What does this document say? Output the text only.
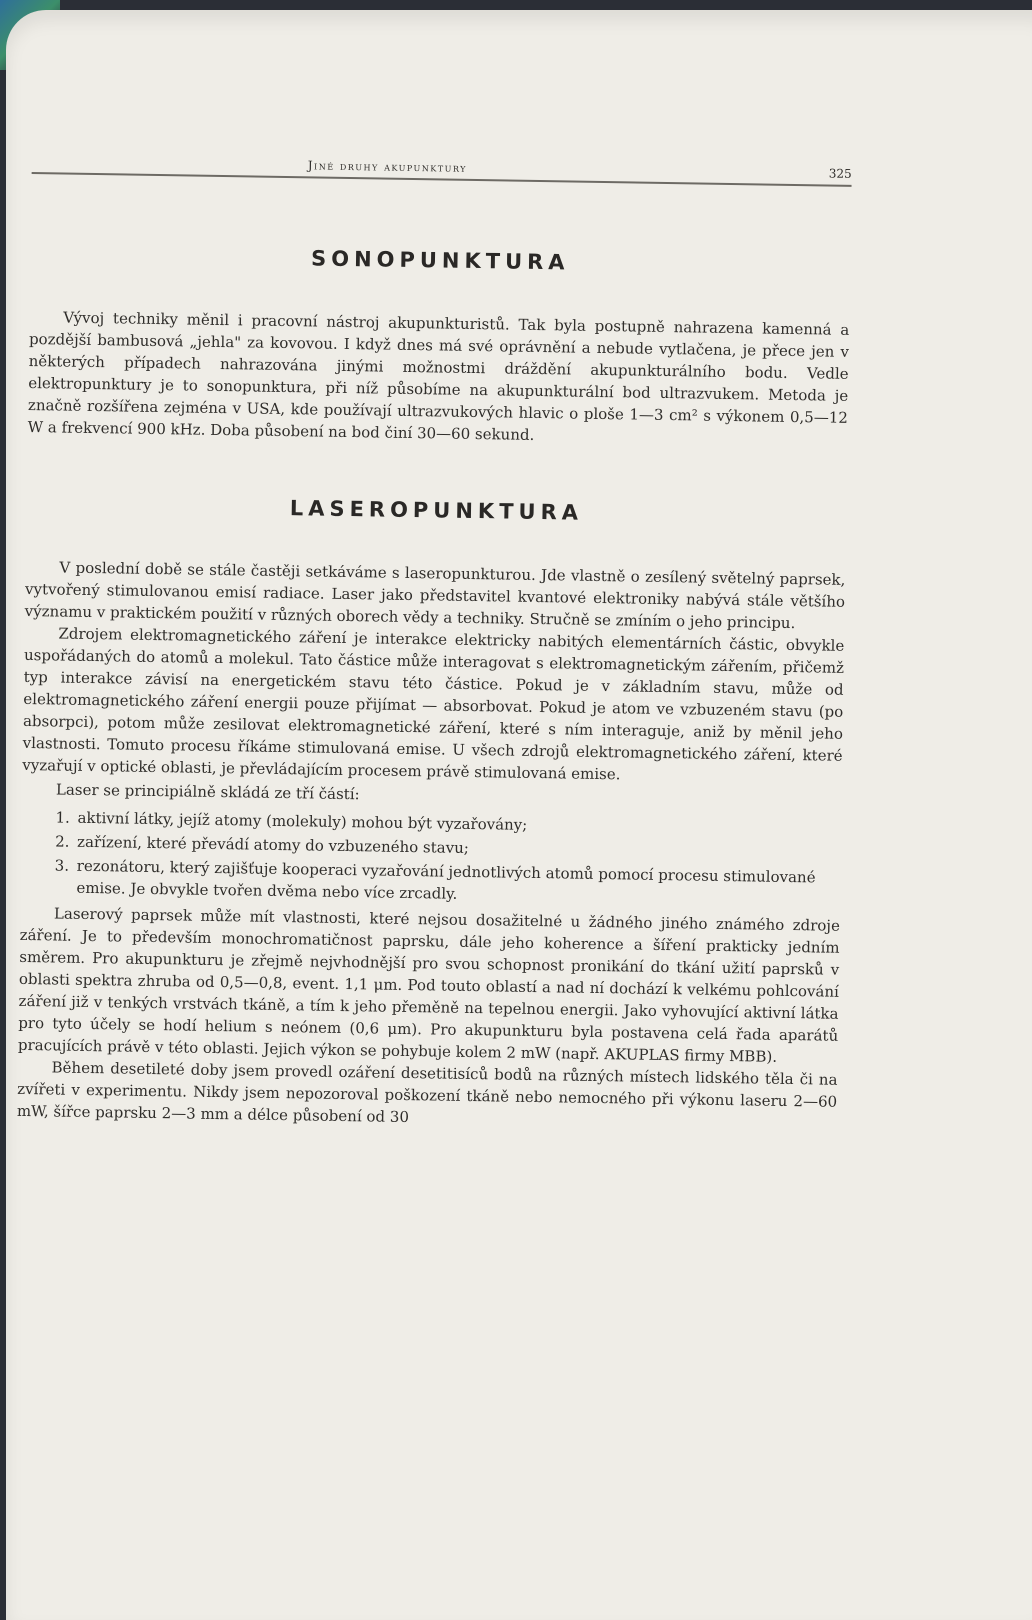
Jiné druhy akupunktury	325
SONOPUNKTURA

Vývoj techniky měnil i pracovní nástroj akupunkturistů. Tak byla postupně nahrazena kamenná a pozdější bambusová „jehla" za kovovou. I když dnes má své oprávnění a nebude vytlačena, je přece jen v některých případech nahrazována jinými možnostmi dráždění akupunkturálního bodu. Vedle elektropunktury je to sonopunktura, při níž působíme na akupunkturální bod ultrazvukem. Metoda je značně rozšířena zejména v USA, kde používají ultrazvukových hlavic o ploše 1—3 cm² s výkonem 0,5—12 W a frekvencí 900 kHz. Doba působení na bod činí 30—60 sekund.

LASEROPUNKTURA

V poslední době se stále častěji setkáváme s laseropunkturou. Jde vlastně o zesílený světelný paprsek, vytvořený stimulovanou emisí radiace. Laser jako představitel kvantové elektroniky nabývá stále většího významu v praktickém použití v různých oborech vědy a techniky. Stručně se zmíním o jeho principu.

Zdrojem elektromagnetického záření je interakce elektricky nabitých elementárních částic, obvykle uspořádaných do atomů a molekul. Tato částice může interagovat s elektromagnetickým zářením, přičemž typ interakce závisí na energetickém stavu této částice. Pokud je v základním stavu, může od elektromagnetického záření energii pouze přijímat — absorbovat. Pokud je atom ve vzbuzeném stavu (po absorpci), potom může zesilovat elektromagnetické záření, které s ním interaguje, aniž by měnil jeho vlastnosti. Tomuto procesu říkáme stimulovaná emise. U všech zdrojů elektromagnetického záření, které vyzařují v optické oblasti, je převládajícím procesem právě stimulovaná emise.

Laser se principiálně skládá ze tří částí:

1. aktivní látky, jejíž atomy (molekuly) mohou být vyzařovány;
2. zařízení, které převádí atomy do vzbuzeného stavu;
3. rezonátoru, který zajišťuje kooperaci vyzařování jednotlivých atomů pomocí procesu stimulované emise. Je obvykle tvořen dvěma nebo více zrcadly.

Laserový paprsek může mít vlastnosti, které nejsou dosažitelné u žádného jiného známého zdroje záření. Je to především monochromatičnost paprsku, dále jeho koherence a šíření prakticky jedním směrem. Pro akupunkturu je zřejmě nejvhodnější pro svou schopnost pronikání do tkání užití paprsků v oblasti spektra zhruba od 0,5—0,8, event. 1,1 μm. Pod touto oblastí a nad ní dochází k velkému pohlcování záření již v tenkých vrstvách tkáně, a tím k jeho přeměně na tepelnou energii. Jako vyhovující aktivní látka pro tyto účely se hodí helium s neónem (0,6 μm). Pro akupunkturu byla postavena celá řada aparátů pracujících právě v této oblasti. Jejich výkon se pohybuje kolem 2 mW (např. AKUPLAS firmy MBB).

Během desetileté doby jsem provedl ozáření desetitisíců bodů na různých místech lidského těla či na zvířeti v experimentu. Nikdy jsem nepozoroval poškození tkáně nebo nemocného při výkonu laseru 2—60 mW, šířce paprsku 2—3 mm a délce působení od 30
